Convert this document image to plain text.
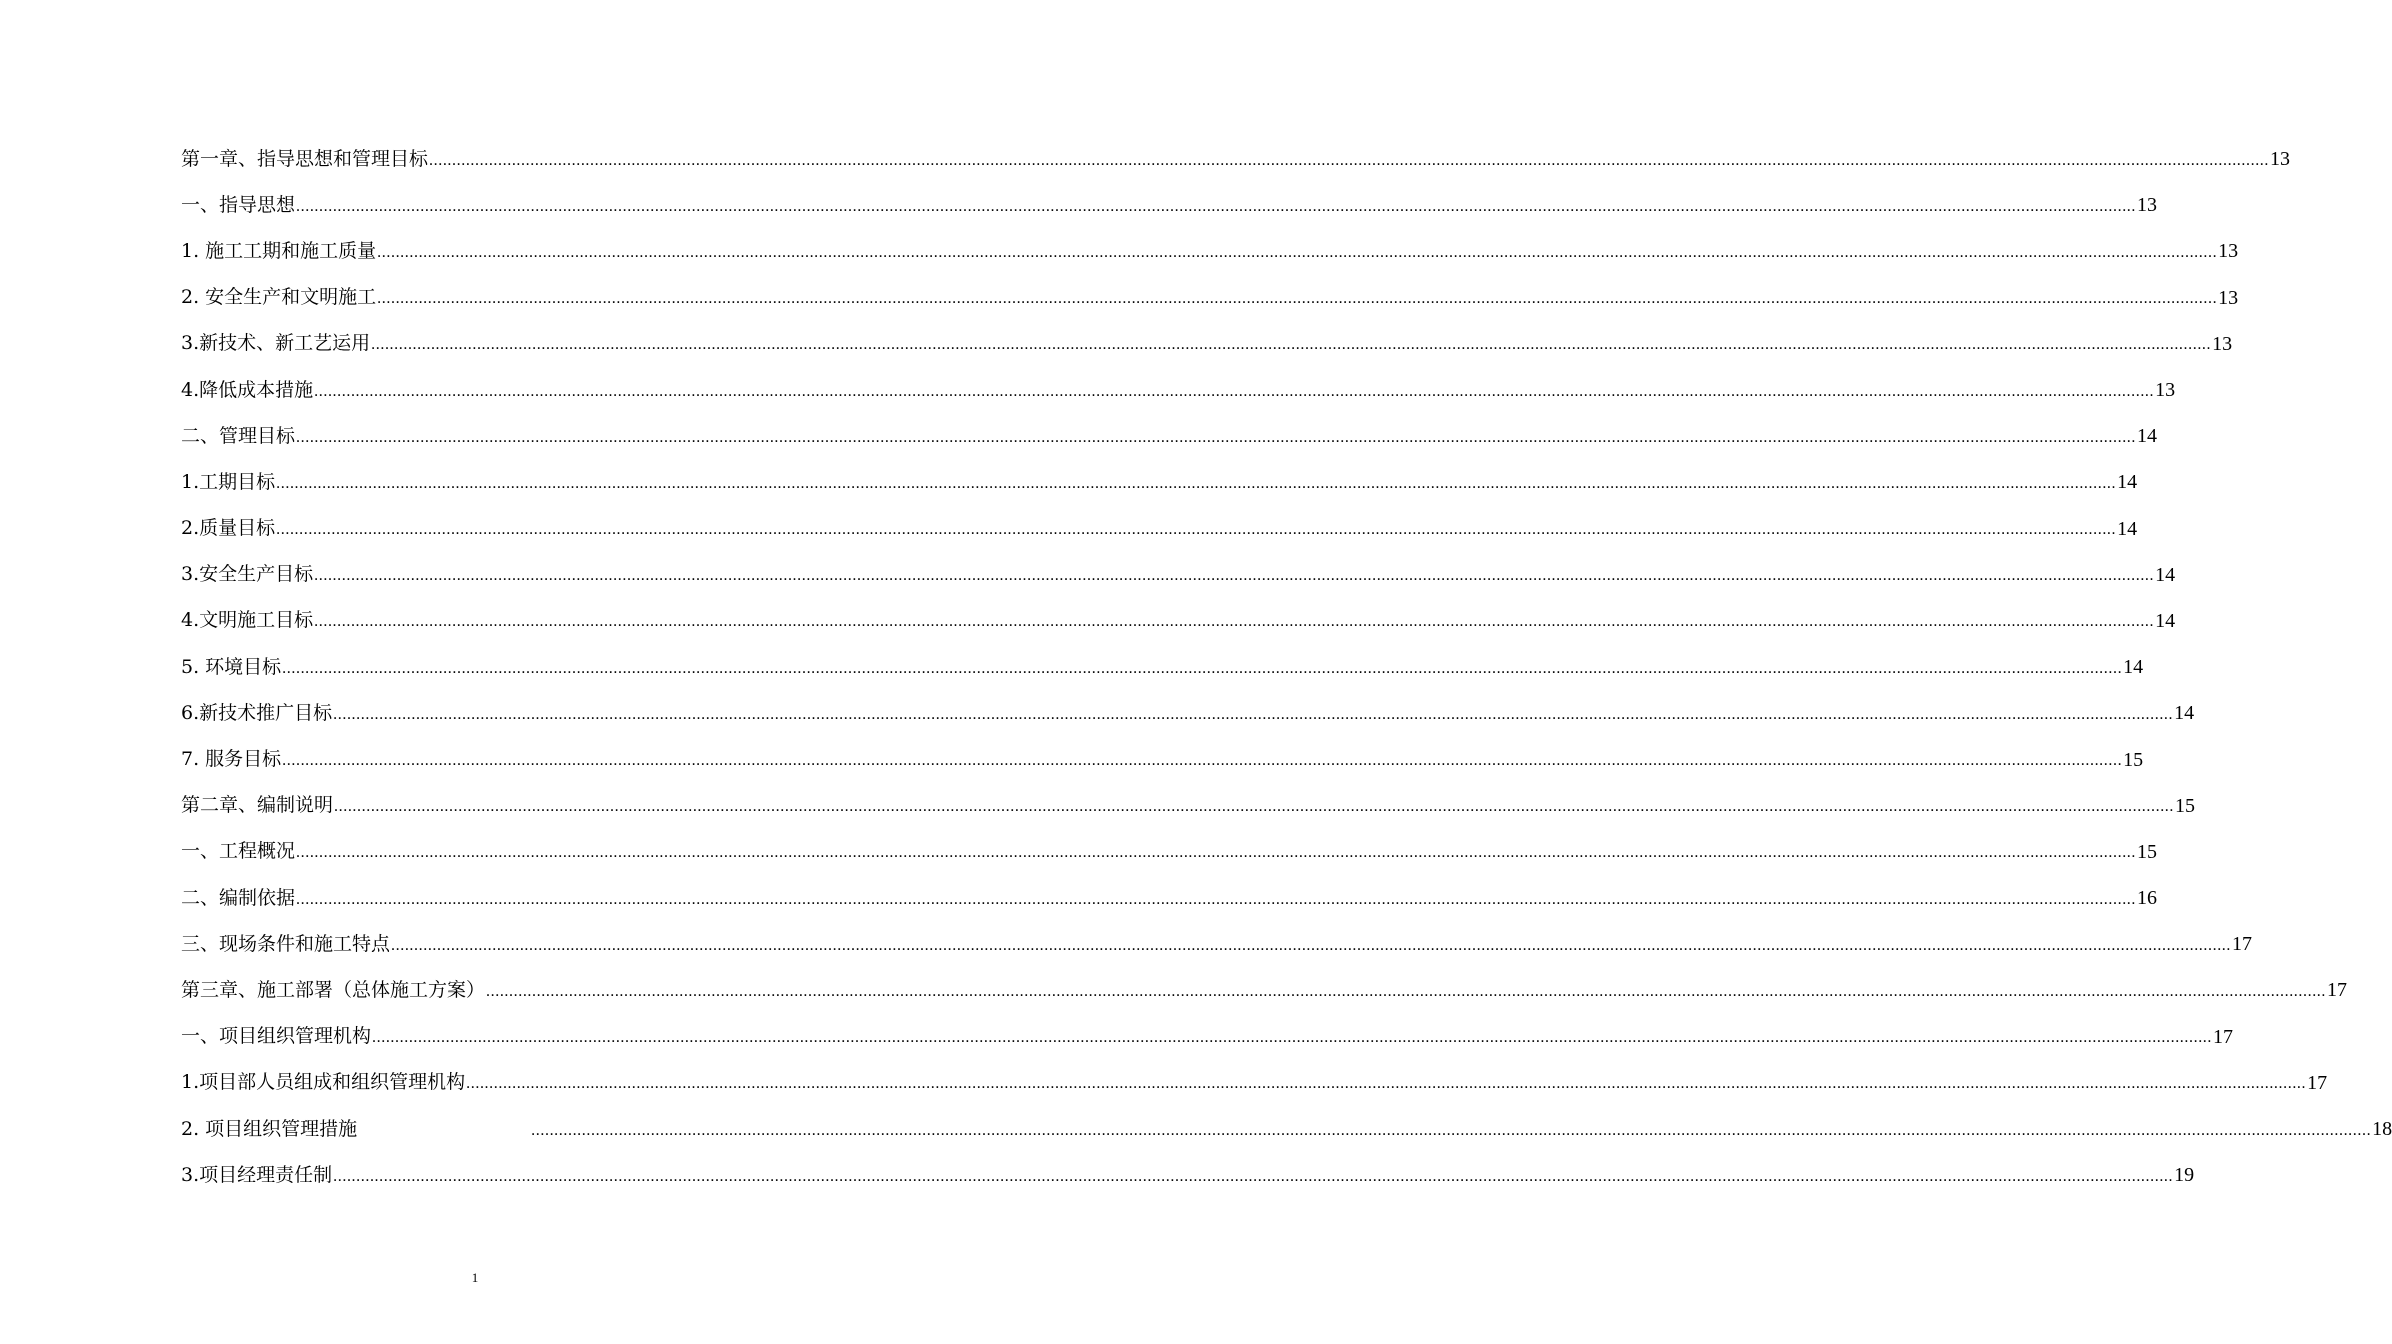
第一章、指导思想和管理目标 ................................................................................................................................................................................................................................................................................................................................................................................................................ 13
一、指导思想 ................................................................................................................................................................................................................................................................................................................................................................................................................ 13
1. 施工工期和施工质量 ................................................................................................................................................................................................................................................................................................................................................................................................................ 13
2. 安全生产和文明施工 ................................................................................................................................................................................................................................................................................................................................................................................................................ 13
3.新技术、新工艺运用 ................................................................................................................................................................................................................................................................................................................................................................................................................ 13
4.降低成本措施 ................................................................................................................................................................................................................................................................................................................................................................................................................ 13
二、管理目标 ................................................................................................................................................................................................................................................................................................................................................................................................................ 14
1.工期目标 ................................................................................................................................................................................................................................................................................................................................................................................................................ 14
2.质量目标 ................................................................................................................................................................................................................................................................................................................................................................................................................ 14
3.安全生产目标 ................................................................................................................................................................................................................................................................................................................................................................................................................ 14
4.文明施工目标 ................................................................................................................................................................................................................................................................................................................................................................................................................ 14
5. 环境目标 ................................................................................................................................................................................................................................................................................................................................................................................................................ 14
6.新技术推广目标 ................................................................................................................................................................................................................................................................................................................................................................................................................ 14
7. 服务目标 ................................................................................................................................................................................................................................................................................................................................................................................................................ 15
第二章、编制说明 ................................................................................................................................................................................................................................................................................................................................................................................................................ 15
一、工程概况 ................................................................................................................................................................................................................................................................................................................................................................................................................ 15
二、编制依据 ................................................................................................................................................................................................................................................................................................................................................................................................................ 16
三、现场条件和施工特点 ................................................................................................................................................................................................................................................................................................................................................................................................................ 17
第三章、施工部署（总体施工方案） ................................................................................................................................................................................................................................................................................................................................................................................................................ 17
一、项目组织管理机构 ................................................................................................................................................................................................................................................................................................................................................................................................................ 17
1.项目部人员组成和组织管理机构 ................................................................................................................................................................................................................................................................................................................................................................................................................ 17
2. 项目组织管理措施	................................................................................................................................................................................................................................................................................................................................................................................................................ 18
3.项目经理责任制 ................................................................................................................................................................................................................................................................................................................................................................................................................ 19
1
